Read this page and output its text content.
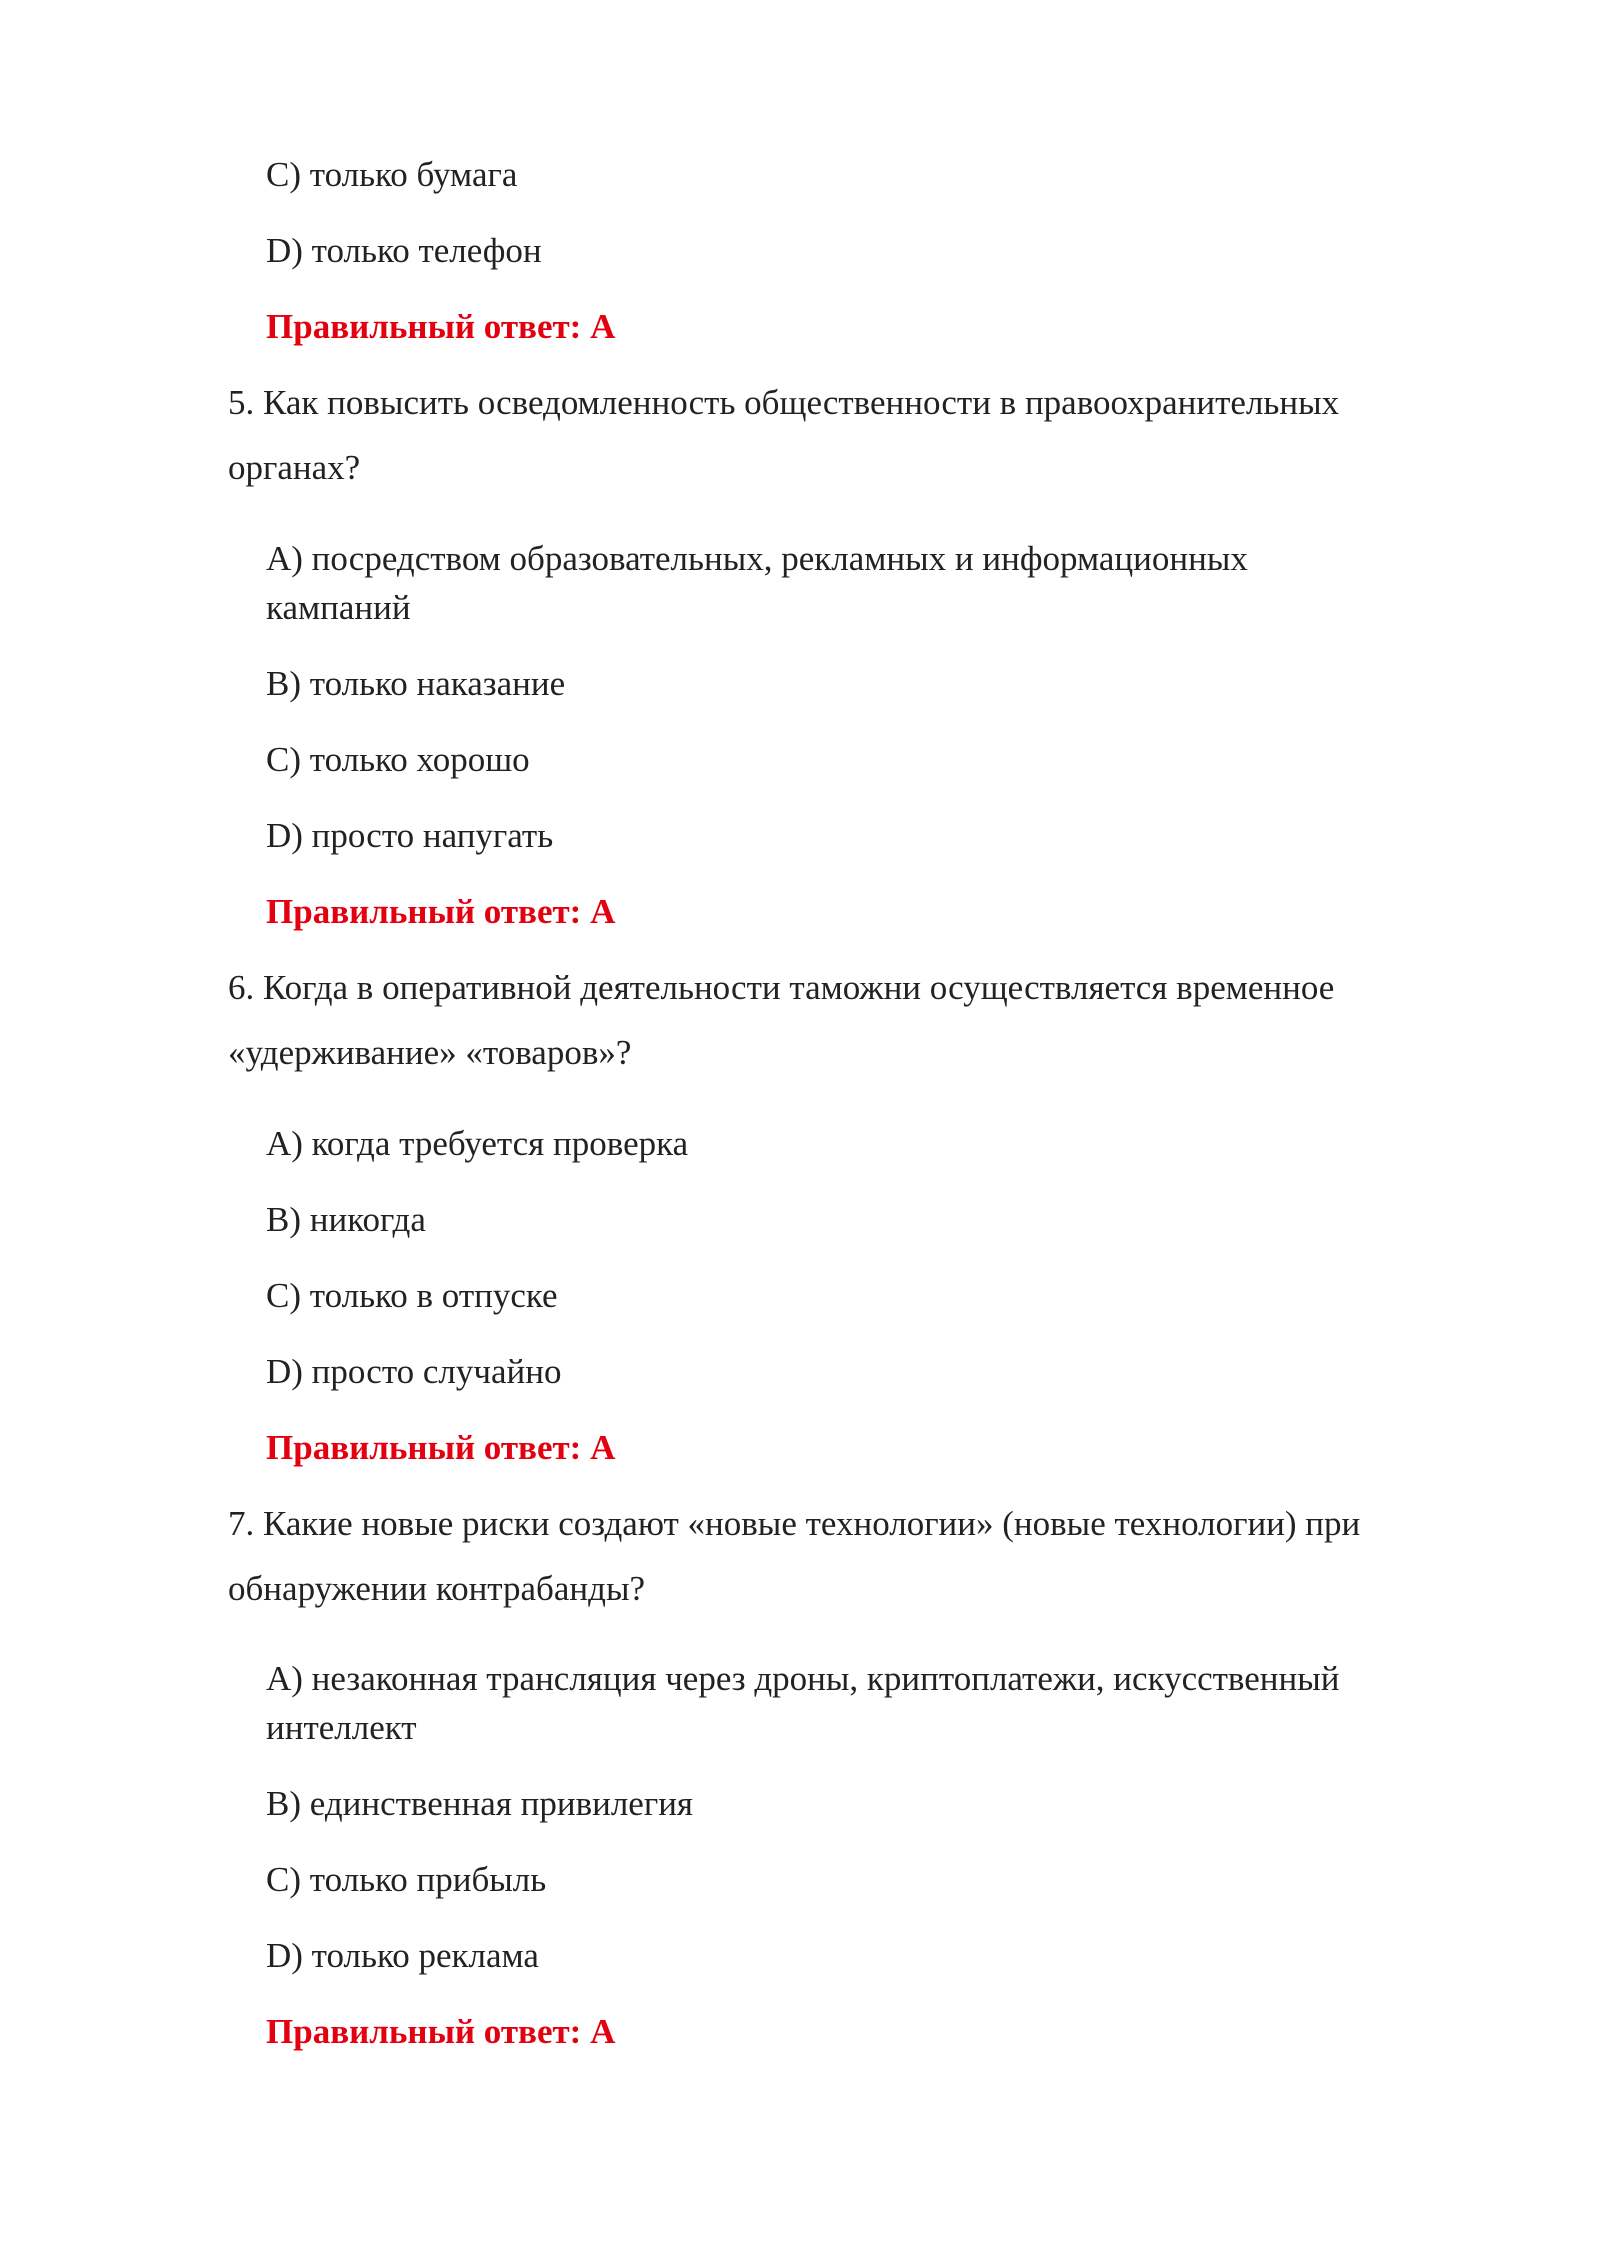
C) только бумага

D) только телефон

Правильный ответ: A

5. Как повысить осведомленность общественности в правоохранительных

органах?

A) посредством образовательных, рекламных и информационных

кампаний

B) только наказание

C) только хорошо

D) просто напугать

Правильный ответ: A

6. Когда в оперативной деятельности таможни осуществляется временное

«удерживание» «товаров»?

A) когда требуется проверка

B) никогда

C) только в отпуске

D) просто случайно

Правильный ответ: A

7. Какие новые риски создают «новые технологии» (новые технологии) при

обнаружении контрабанды?

A) незаконная трансляция через дроны, криптоплатежи, искусственный

интеллект

B) единственная привилегия

C) только прибыль

D) только реклама

Правильный ответ: A
